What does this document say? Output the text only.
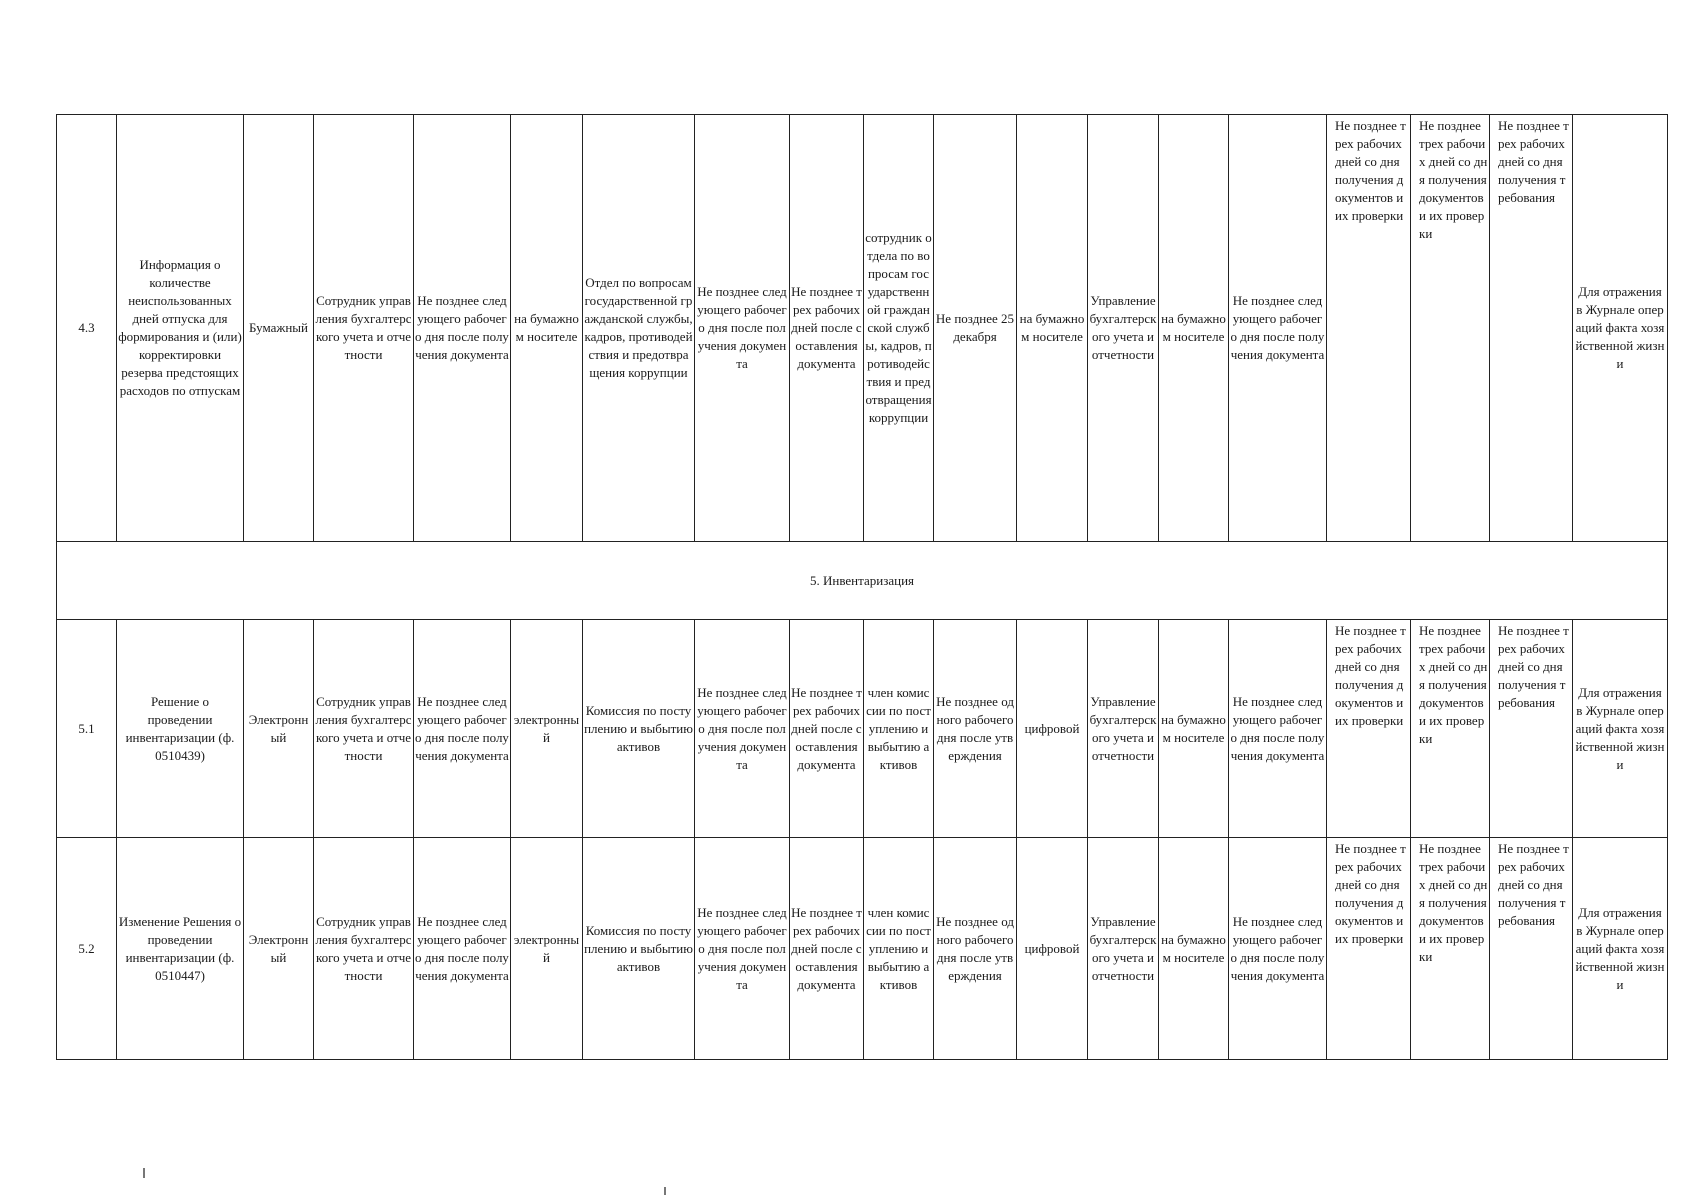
4.3	Информация о количестве неиспользованных дней отпуска для формирования и (или) корректировки резерва предстоящих расходов по отпускам	Бумажный	Сотрудник управления бухгалтерского учета и отчетности	Не позднее следующего рабочего дня после получения документа	на бумажном носителе	Отдел по вопросам государственной гражданской службы, кадров, противодействия и предотвращения коррупции	Не позднее следующего рабочего дня после получения документа	Не позднее трех рабочих дней после составления документа	сотрудник отдела по вопросам государственной гражданской службы, кадров, противодействия и предотвращения коррупции	Не позднее 25 декабря	на бумажном носителе	Управление бухгалтерского учета и отчетности	на бумажном носителе	Не позднее следующего рабочего дня после получения документа	Не позднее трех рабочих дней со дня получения документов и их проверки	Не позднее трех рабочих дней со дня получения документов и их проверки	Не позднее трех рабочих дней со дня получения требования	Для отражения в Журнале операций факта хозяйственной жизни
5. Инвентаризация																		
5.1	Решение о проведении инвентаризации (ф. 0510439)	Электронный	Сотрудник управления бухгалтерского учета и отчетности	Не позднее следующего рабочего дня после получения документа	электронный	Комиссия по поступлению и выбытию активов	Не позднее следующего рабочего дня после получения документа	Не позднее трех рабочих дней после составления документа	член комиссии по поступлению и выбытию активов	Не позднее одного рабочего дня после утверждения	цифровой	Управление бухгалтерского учета и отчетности	на бумажном носителе	Не позднее следующего рабочего дня после получения документа	Не позднее трех рабочих дней со дня получения документов и их проверки	Не позднее трех рабочих дней со дня получения документов и их проверки	Не позднее трех рабочих дней со дня получения требования	Для отражения в Журнале операций факта хозяйственной жизни
5.2	Изменение Решения о проведении инвентаризации (ф. 0510447)	Электронный	Сотрудник управления бухгалтерского учета и отчетности	Не позднее следующего рабочего дня после получения документа	электронный	Комиссия по поступлению и выбытию активов	Не позднее следующего рабочего дня после получения документа	Не позднее трех рабочих дней после составления документа	член комиссии по поступлению и выбытию активов	Не позднее одного рабочего дня после утверждения	цифровой	Управление бухгалтерского учета и отчетности	на бумажном носителе	Не позднее следующего рабочего дня после получения документа	Не позднее трех рабочих дней со дня получения документов и их проверки	Не позднее трех рабочих дней со дня получения документов и их проверки	Не позднее трех рабочих дней со дня получения требования	Для отражения в Журнале операций факта хозяйственной жизни
